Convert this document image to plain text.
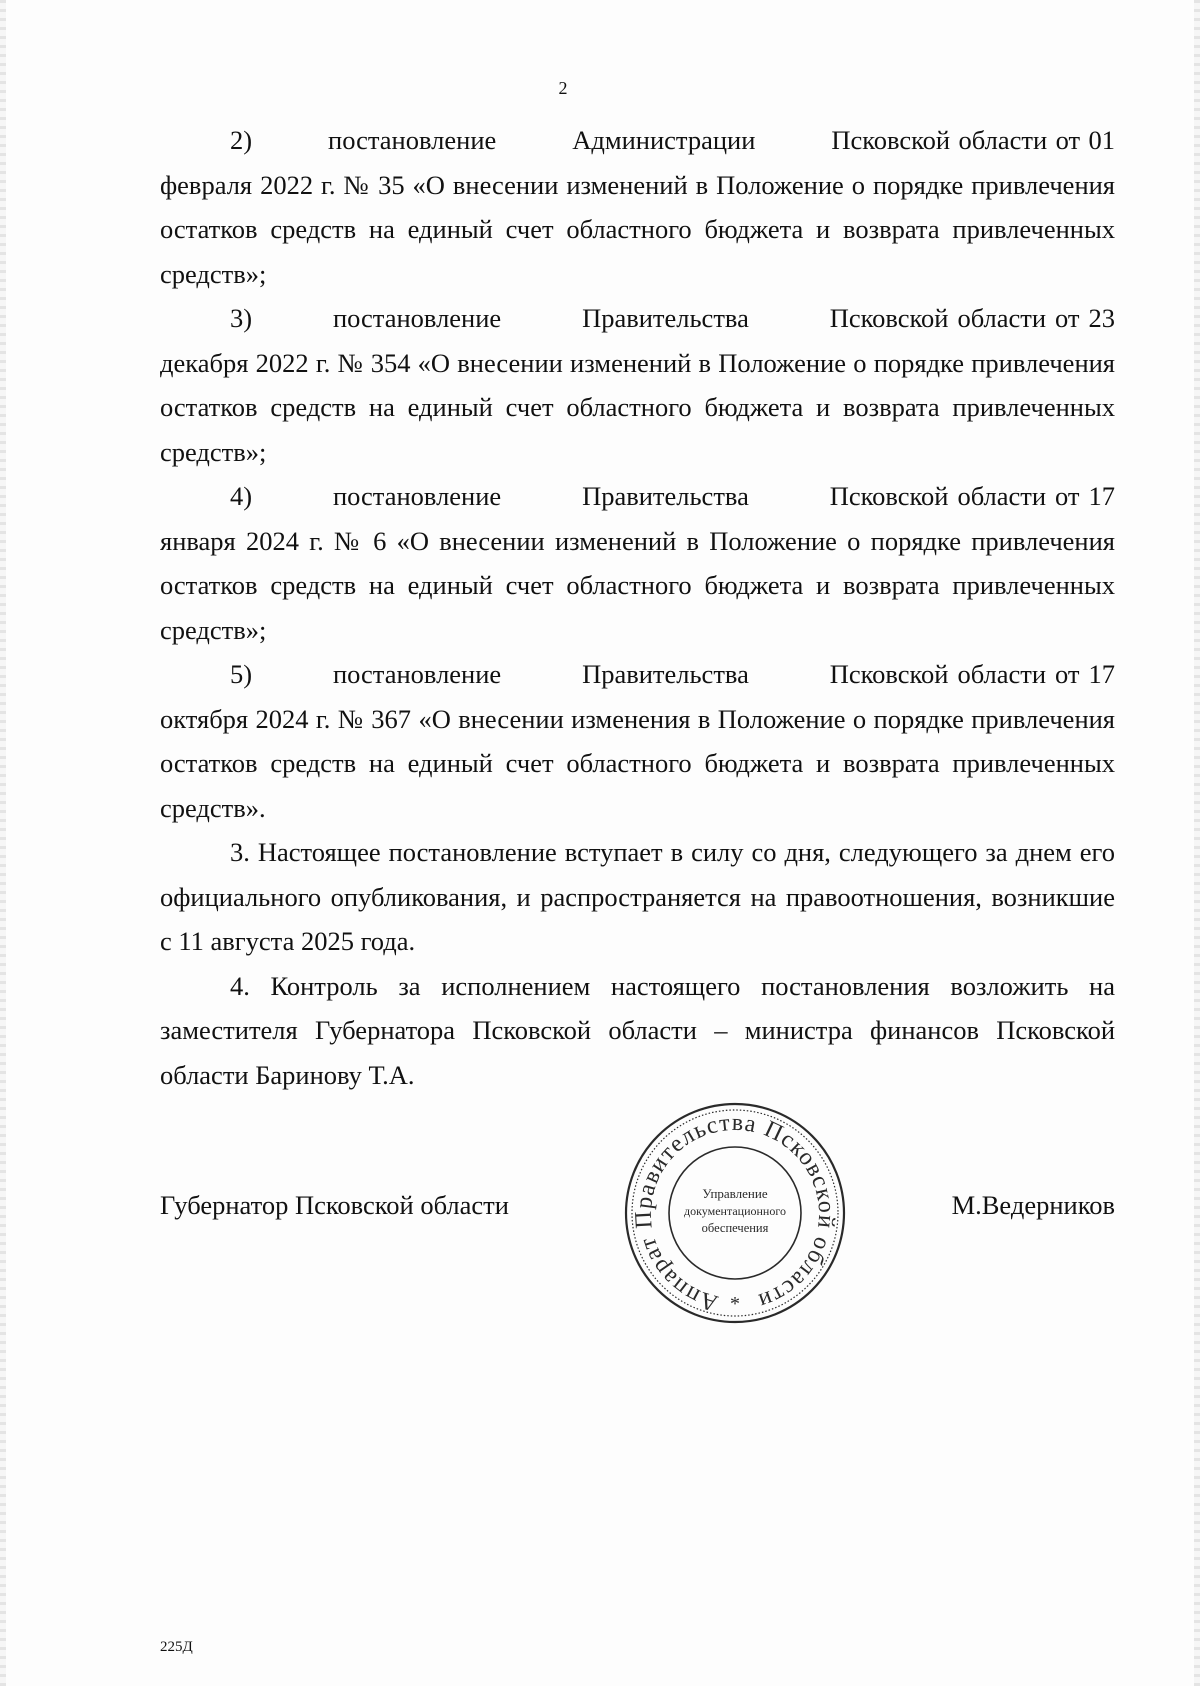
2

2)         постановление         Администрации         Псковской области от 01 февраля 2022 г. № 35 «О внесении изменений в Положение о порядке привлечения остатков средств на единый счет областного бюджета и возврата привлеченных средств»;

3)         постановление         Правительства         Псковской области от 23 декабря 2022 г. № 354 «О внесении изменений в Положение о порядке привлечения остатков средств на единый счет областного бюджета и возврата привлеченных средств»;

4)         постановление         Правительства         Псковской области от 17 января 2024 г. № 6 «О внесении изменений в Положение о порядке привлечения остатков средств на единый счет областного бюджета и возврата привлеченных средств»;

5)         постановление         Правительства         Псковской области от 17 октября 2024 г. № 367 «О внесении изменения в Положение о порядке привлечения остатков средств на единый счет областного бюджета и возврата привлеченных средств».

3. Настоящее постановление вступает в силу со дня, следующего за днем его официального опубликования, и распространяется на правоотношения, возникшие с 11 августа 2025 года.

4. Контроль за исполнением настоящего постановления возложить на заместителя Губернатора Псковской области – министра финансов Псковской области Баринову Т.А.

Аппарат Правительства Псковской области
Управление
документационного
обеспечения
*
Губернатор Псковской области	М.Ведерников
225Д
